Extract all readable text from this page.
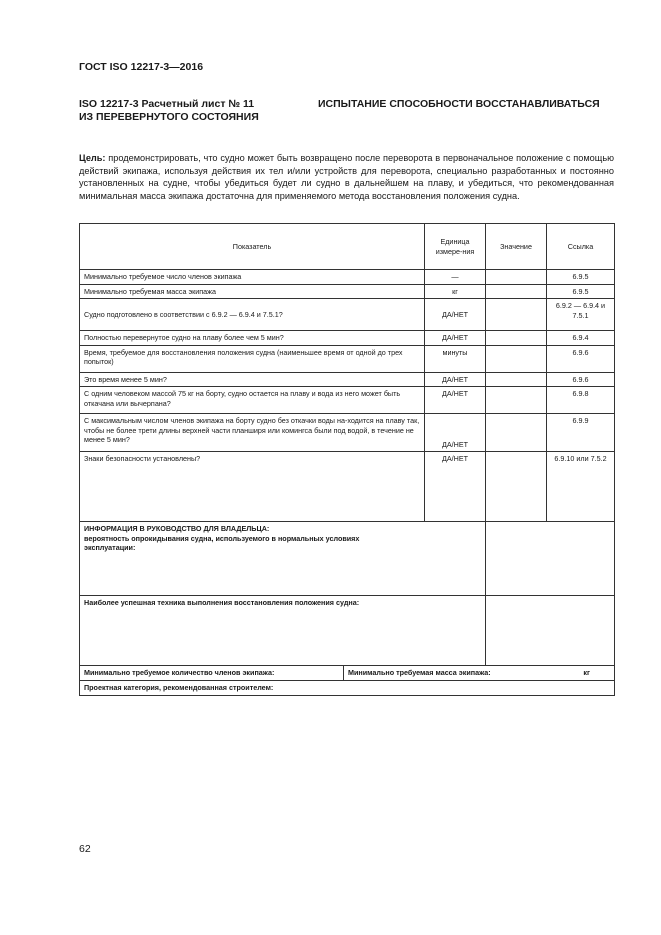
ГОСТ ISO 12217-3—2016
ISO 12217-3 Расчетный лист № 11
ИЗ ПЕРЕВЕРНУТОГО СОСТОЯНИЯ
ИСПЫТАНИЕ СПОСОБНОСТИ ВОССТАНАВЛИВАТЬСЯ
Цель: продемонстрировать, что судно может быть возвращено после переворота в первоначальное положение с помощью действий экипажа, используя действия их тел и/или устройств для переворота, специально разработанных и постоянно установленных на судне, чтобы убедиться будет ли судно в дальнейшем на плаву, и убедиться, что рекомендованная минимальная масса экипажа достаточна для применяемого метода восстановления положения судна.
Показатель	Единица измере-ния	Значение	Ссылка
Минимально требуемое число членов экипажа	—		6.9.5
Минимально требуемая масса экипажа	кг		6.9.5
Судно подготовлено в соответствии с 6.9.2 — 6.9.4 и 7.5.1?	ДА/НЕТ		6.9.2 — 6.9.4 и 7.5.1
Полностью перевернутое судно на плаву более чем 5 мин?	ДА/НЕТ		6.9.4
Время, требуемое для восстановления положения судна (наименьшее время от одной до трех попыток)	минуты		6.9.6
Это время менее 5 мин?	ДА/НЕТ		6.9.6
С одним человеком массой 75 кг на борту, судно остается на плаву и вода из него может быть откачана или вычерпана?	ДА/НЕТ		6.9.8
С максимальным числом членов экипажа на борту судно без откачки воды на-ходится на плаву так, чтобы не более трети длины верхней части планширя или комингса были под водой, в течение не менее 5 мин?	ДА/НЕТ		6.9.9
Знаки безопасности установлены?	ДА/НЕТ		6.9.10 или 7.5.2

ИНФОРМАЦИЯ В РУКОВОДСТВО ДЛЯ ВЛАДЕЛЬЦА:
вероятность опрокидывания судна, используемого в нормальных условиях эксплуатации:			

Наиболее успешная техника выполнения восстановления положения судна:			

Минимально требуемое количество членов экипажа: Минимально требуемая масса экипажа: кг			

Проектная категория, рекомендованная строителем:			
62
